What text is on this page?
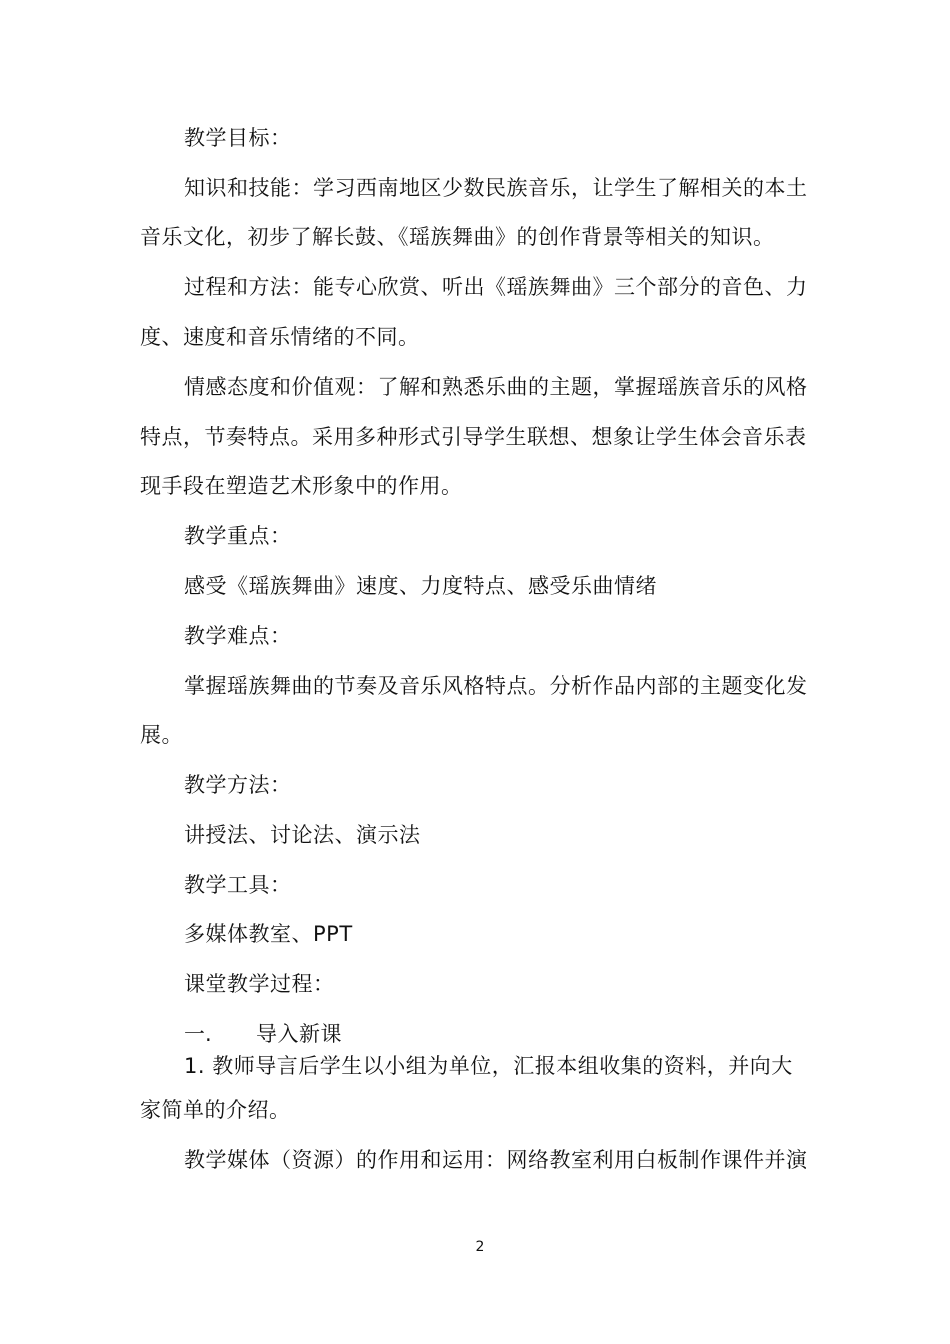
教学目标：
知识和技能：学习西南地区少数民族音乐，让学生了解相关的本土
音乐文化，初步了解长鼓、《瑶族舞曲》的创作背景等相关的知识。
过程和方法：能专心欣赏、听出《瑶族舞曲》三个部分的音色、力
度、速度和音乐情绪的不同。
情感态度和价值观：了解和熟悉乐曲的主题，掌握瑶族音乐的风格
特点，节奏特点。采用多种形式引导学生联想、想象让学生体会音乐表
现手段在塑造艺术形象中的作用。
教学重点：
感受《瑶族舞曲》速度、力度特点、感受乐曲情绪
教学难点：
掌握瑶族舞曲的节奏及音乐风格特点。分析作品内部的主题变化发
展。
教学方法：
讲授法、讨论法、演示法
教学工具：
多媒体教室、PPT
课堂教学过程：
一. 导入新课
1. 教师导言后学生以小组为单位，汇报本组收集的资料，并向大
家简单的介绍。
教学媒体（资源）的作用和运用：网络教室利用白板制作课件并演
2
